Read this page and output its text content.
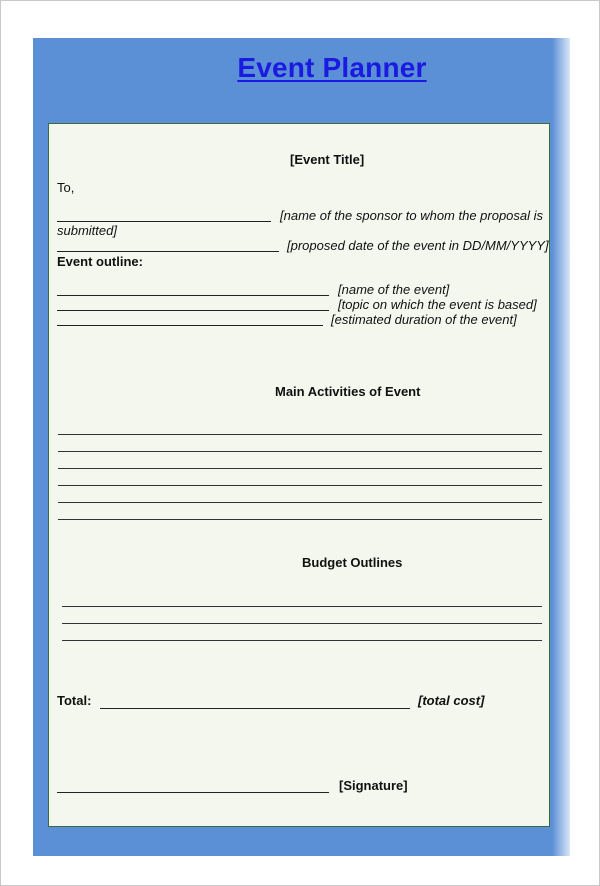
Event Planner
[Event Title]
To,
[name of the sponsor to whom the proposal is
submitted]
[proposed date of the event in DD/MM/YYYY]
Event outline:
[name of the event]
[topic on which the event is based]
[estimated duration of the event]
Main Activities of Event
Budget Outlines
Total:	[total cost]
[Signature]
